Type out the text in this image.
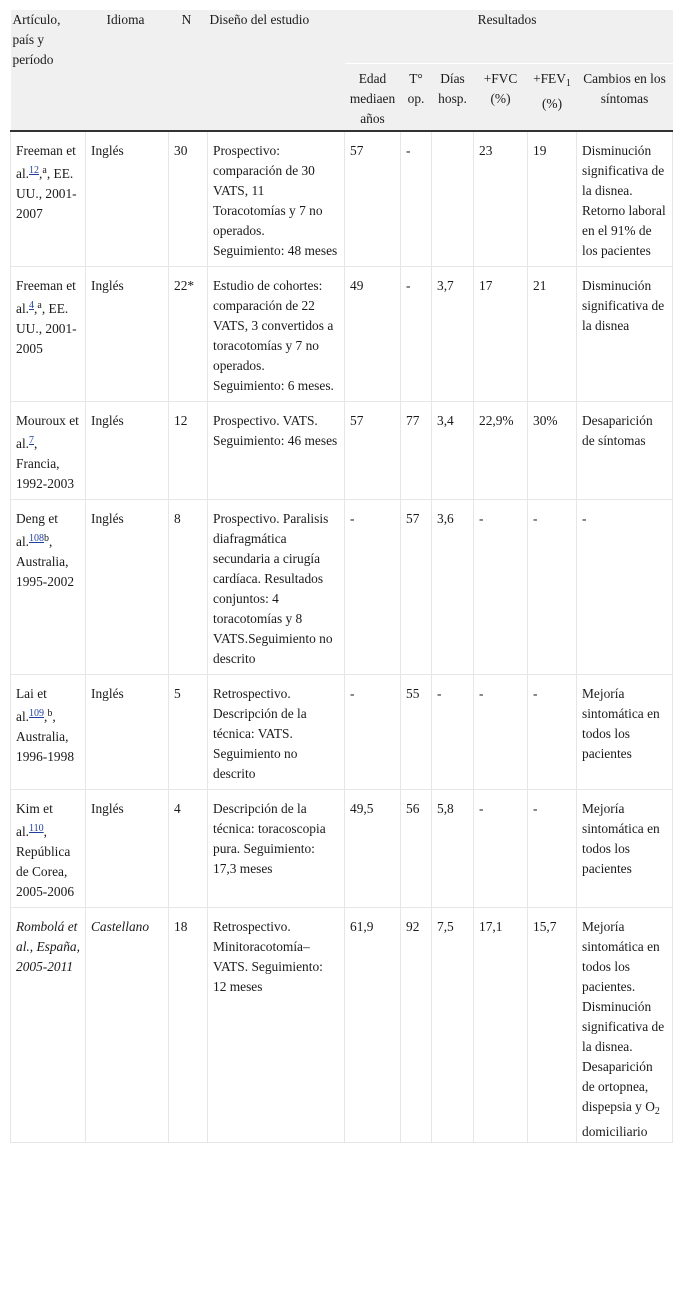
Artículo, país y período	Idioma	N	Diseño del estudio	Resultados					
				Edad mediaen años	T° op.	Días hosp.	+FVC (%)	$+FEV_1$ (%)	Cambios en los síntomas
Freeman et al.$^{12}$,$^a$, EE. UU., 2001-2007	Inglés	30	Prospectivo: comparación de 30 VATS, 11 Toracotomías y 7 no operados. Seguimiento: 48 meses	57	-		23	19	Disminución significativa de la disnea. Retorno laboral en el 91% de los pacientes
Freeman et al.$^4$,$^a$, EE. UU., 2001-2005	Inglés	22*	Estudio de cohortes: comparación de 22 VATS, 3 convertidos a toracotomías y 7 no operados. Seguimiento: 6 meses.	49	-	3,7	17	21	Disminución significativa de la disnea
Mouroux et al.$^7$, Francia, 1992-2003	Inglés	12	Prospectivo. VATS. Seguimiento: 46 meses	57	77	3,4	22,9%	30%	Desaparición de síntomas
Deng et al.$^{108b}$, Australia, 1995-2002	Inglés	8	Prospectivo. Paralisis diafragmática secundaria a cirugía cardíaca. Resultados conjuntos: 4 toracotomías y 8 VATS.Seguimiento no descrito	-	57	3,6	-	-	-
Lai et al.$^{109}$,$^b$, Australia, 1996-1998	Inglés	5	Retrospectivo. Descripción de la técnica: VATS. Seguimiento no descrito	-	55	-	-	-	Mejoría sintomática en todos los pacientes
Kim et al.$^{110}$, República de Corea, 2005-2006	Inglés	4	Descripción de la técnica: toracoscopia pura. Seguimiento: 17,3 meses	49,5	56	5,8	-	-	Mejoría sintomática en todos los pacientes
Rombolá et al., España, 2005-2011	Castellano	18	Retrospectivo. Minitoracotomía–VATS. Seguimiento: 12 meses	61,9	92	7,5	17,1	15,7	Mejoría sintomática en todos los pacientes. Disminución significativa de la disnea. Desaparición de ortopnea, dispepsia y $O_2$ domiciliario
